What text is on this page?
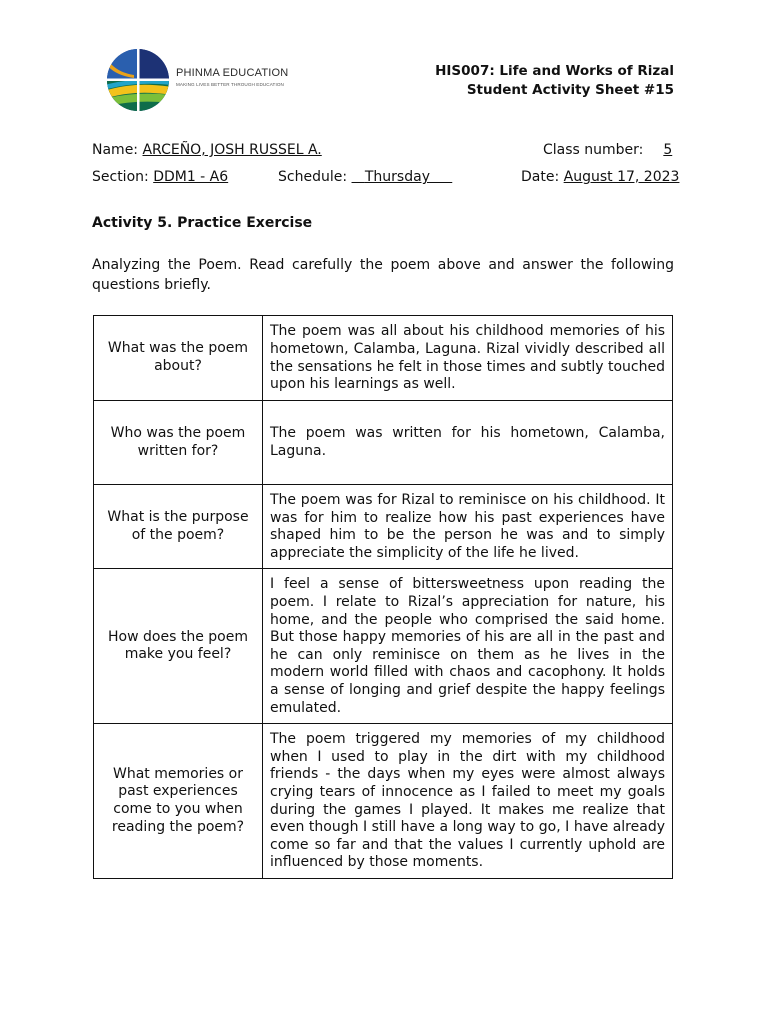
PHINMA EDUCATION
MAKING LIVES BETTER THROUGH EDUCATION
HIS007: Life and Works of Rizal
Student Activity Sheet #15
Name: ARCEÑO, JOSH RUSSEL A.	Class number: 5
Section: DDM1 - A6	Schedule: Thursday	Date: August 17, 2023
Activity 5. Practice Exercise
Analyzing the Poem. Read carefully the poem above and answer the following questions briefly.
What was the poem about?	The poem was all about his childhood memories of his hometown, Calamba, Laguna. Rizal vividly described all the sensations he felt in those times and subtly touched upon his learnings as well.
Who was the poem written for?	The poem was written for his hometown, Calamba, Laguna.
What is the purpose of the poem?	The poem was for Rizal to reminisce on his childhood. It was for him to realize how his past experiences have shaped him to be the person he was and to simply appreciate the simplicity of the life he lived.
How does the poem make you feel?	I feel a sense of bittersweetness upon reading the poem. I relate to Rizal’s appreciation for nature, his home, and the people who comprised the said home. But those happy memories of his are all in the past and he can only reminisce on them as he lives in the modern world filled with chaos and cacophony. It holds a sense of longing and grief despite the happy feelings emulated.
What memories or past experiences come to you when reading the poem?	The poem triggered my memories of my childhood when I used to play in the dirt with my childhood friends - the days when my eyes were almost always crying tears of innocence as I failed to meet my goals during the games I played. It makes me realize that even though I still have a long way to go, I have already come so far and that the values I currently uphold are influenced by those moments.
